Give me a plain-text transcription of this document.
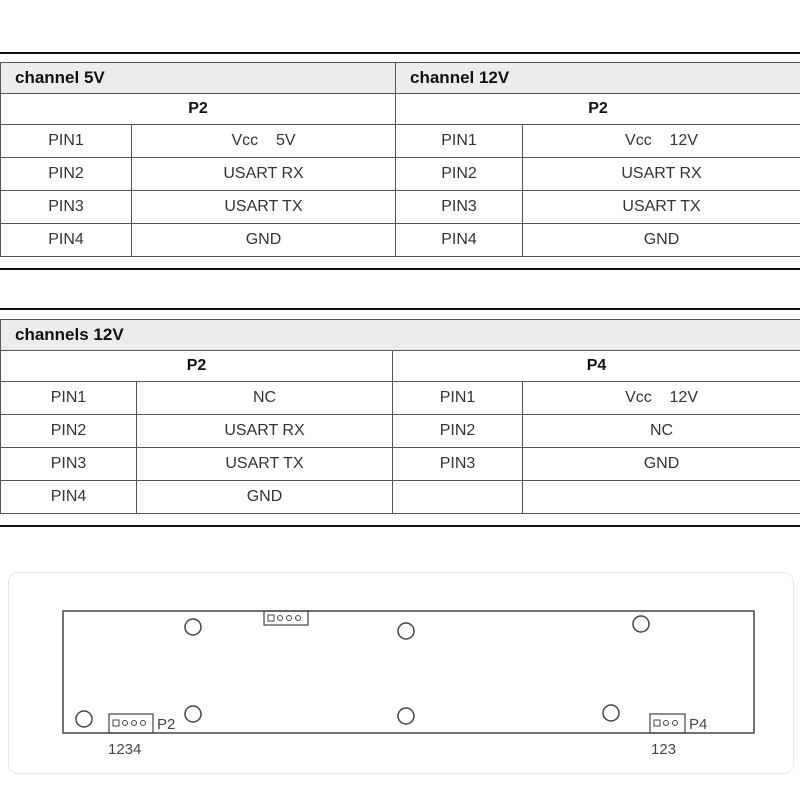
channel 5V		channel 12V	
P2		P2	
PIN1	Vcc    5V	PIN1	Vcc    12V
PIN2	USART RX	PIN2	USART RX
PIN3	USART TX	PIN3	USART TX
PIN4	GND	PIN4	GND
channels 12V			
P2		P4	
PIN1	NC	PIN1	Vcc    12V
PIN2	USART RX	PIN2	NC
PIN3	USART TX	PIN3	GND
PIN4	GND		
P2
1234
P4
123
